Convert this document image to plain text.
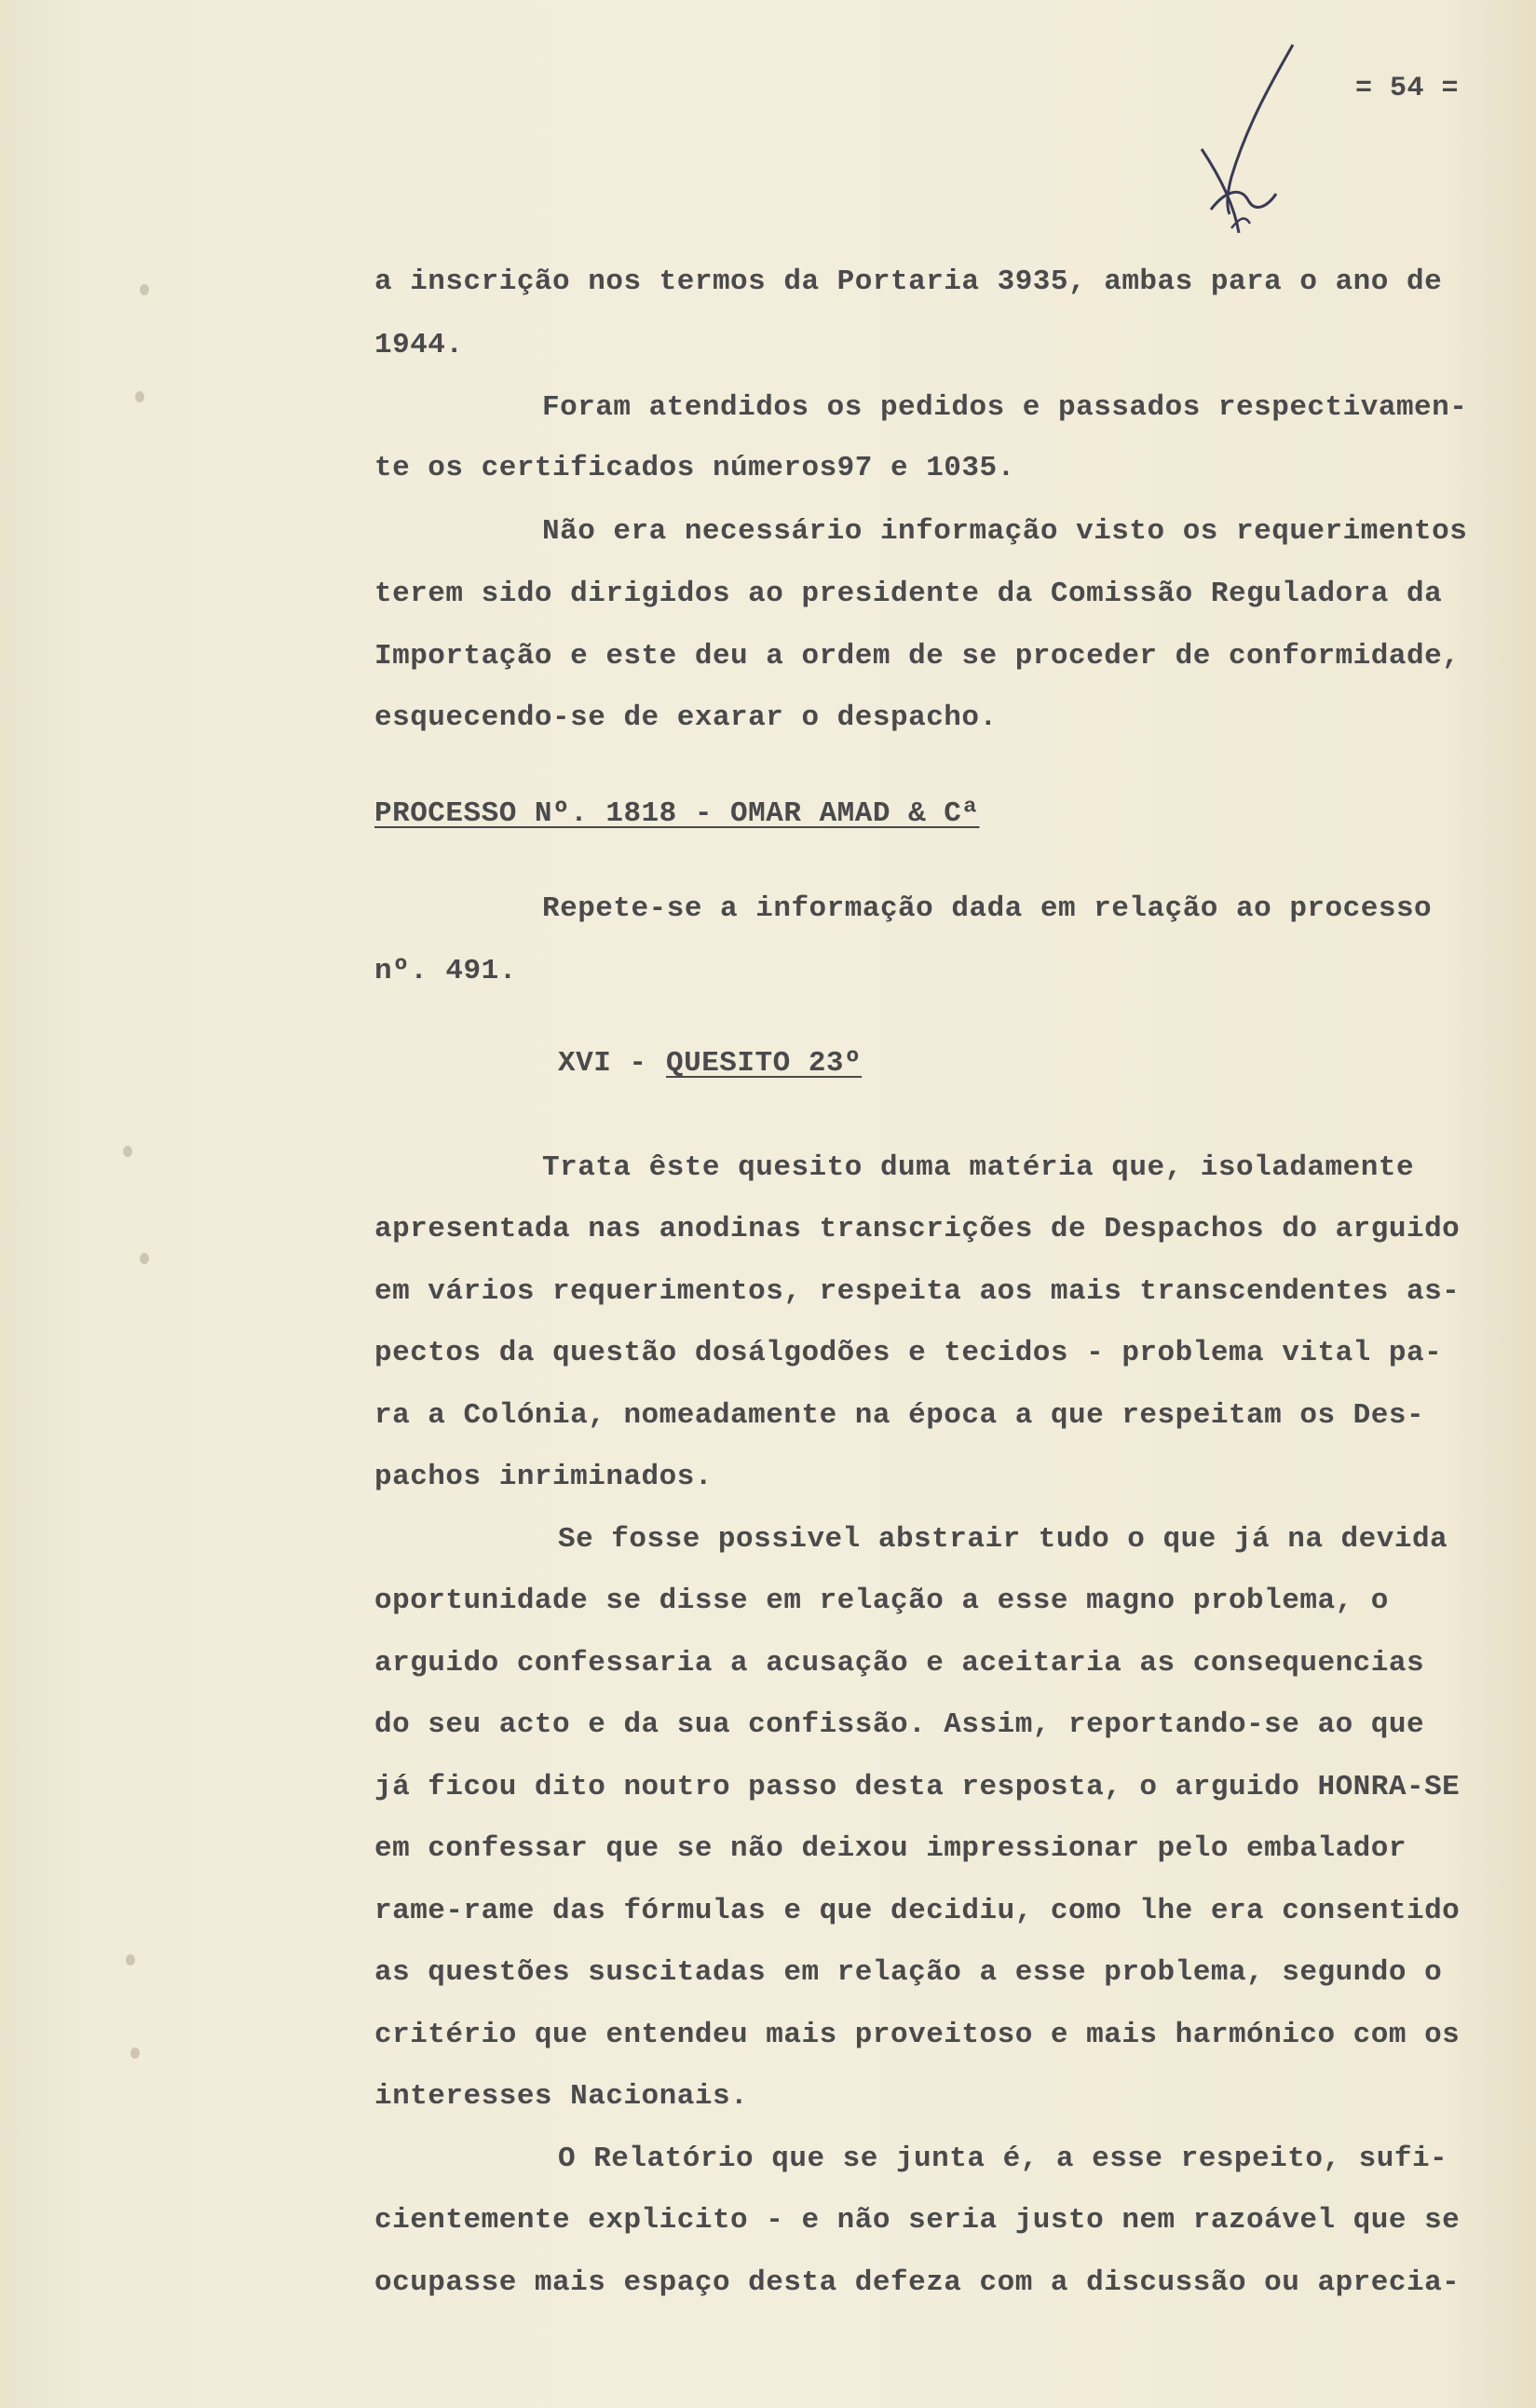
= 54 =
a inscrição nos termos da Portaria 3935, ambas para o ano de
1944.
Foram atendidos os pedidos e passados respectivamen-
te os certificados números97 e 1035.
Não era necessário informação visto os requerimentos
terem sido dirigidos ao presidente da Comissão Reguladora da
Importação e este deu a ordem de se proceder de conformidade,
esquecendo-se de exarar o despacho.
PROCESSO Nº. 1818 - OMAR AMAD & Cª
Repete-se a informação dada em relação ao processo
nº. 491.
XVI - QUESITO 23º
Trata êste quesito duma matéria que, isoladamente
apresentada nas anodinas transcrições de Despachos do arguido
em vários requerimentos, respeita aos mais transcendentes as-
pectos da questão dosálgodões e tecidos - problema vital pa-
ra a Colónia, nomeadamente na época a que respeitam os Des-
pachos inriminados.
Se fosse possivel abstrair tudo o que já na devida
oportunidade se disse em relação a esse magno problema, o
arguido confessaria a acusação e aceitaria as consequencias
do seu acto e da sua confissão. Assim, reportando-se ao que
já ficou dito noutro passo desta resposta, o arguido HONRA-SE
em confessar que se não deixou impressionar pelo embalador
rame-rame das fórmulas e que decidiu, como lhe era consentido
as questões suscitadas em relação a esse problema, segundo o
critério que entendeu mais proveitoso e mais harmónico com os
interesses Nacionais.
O Relatório que se junta é, a esse respeito, sufi-
cientemente explicito - e não seria justo nem razoável que se
ocupasse mais espaço desta defeza com a discussão ou aprecia-
